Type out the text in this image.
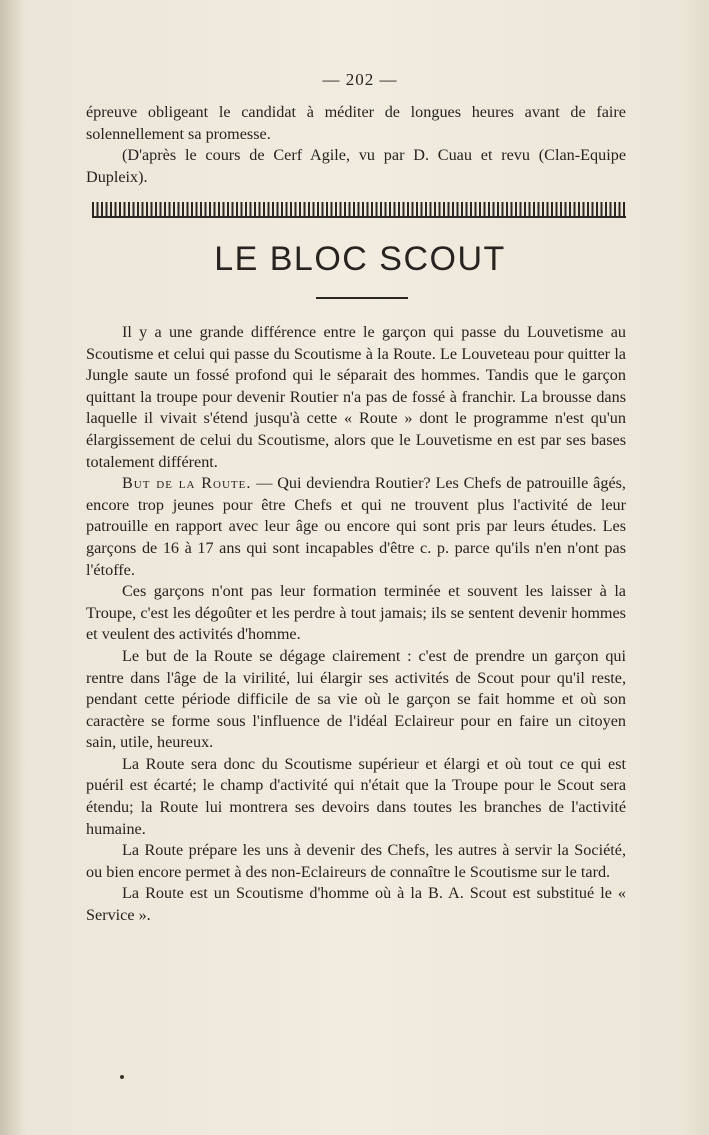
— 202 —

épreuve obligeant le candidat à méditer de longues heures avant de faire solennellement sa promesse.

(D'après le cours de Cerf Agile, vu par D. Cuau et revu (Clan-Equipe Dupleix).

LE BLOC SCOUT

Il y a une grande différence entre le garçon qui passe du Louvetisme au Scoutisme et celui qui passe du Scoutisme à la Route. Le Louveteau pour quitter la Jungle saute un fossé profond qui le séparait des hommes. Tandis que le garçon quittant la troupe pour devenir Routier n'a pas de fossé à franchir. La brousse dans laquelle il vivait s'étend jusqu'à cette « Route » dont le programme n'est qu'un élargissement de celui du Scoutisme, alors que le Louvetisme en est par ses bases totalement différent.

But de la Route. — Qui deviendra Routier? Les Chefs de patrouille âgés, encore trop jeunes pour être Chefs et qui ne trouvent plus l'activité de leur patrouille en rapport avec leur âge ou encore qui sont pris par leurs études. Les garçons de 16 à 17 ans qui sont incapables d'être c. p. parce qu'ils n'en n'ont pas l'étoffe.

Ces garçons n'ont pas leur formation terminée et souvent les laisser à la Troupe, c'est les dégoûter et les perdre à tout jamais; ils se sentent devenir hommes et veulent des activités d'homme.

Le but de la Route se dégage clairement : c'est de prendre un garçon qui rentre dans l'âge de la virilité, lui élargir ses activités de Scout pour qu'il reste, pendant cette période difficile de sa vie où le garçon se fait homme et où son caractère se forme sous l'influence de l'idéal Eclaireur pour en faire un citoyen sain, utile, heureux.

La Route sera donc du Scoutisme supérieur et élargi et où tout ce qui est puéril est écarté; le champ d'activité qui n'était que la Troupe pour le Scout sera étendu; la Route lui montrera ses devoirs dans toutes les branches de l'activité humaine.

La Route prépare les uns à devenir des Chefs, les autres à servir la Société, ou bien encore permet à des non-Eclaireurs de connaître le Scoutisme sur le tard.

La Route est un Scoutisme d'homme où à la B. A. Scout est substitué le « Service ».
